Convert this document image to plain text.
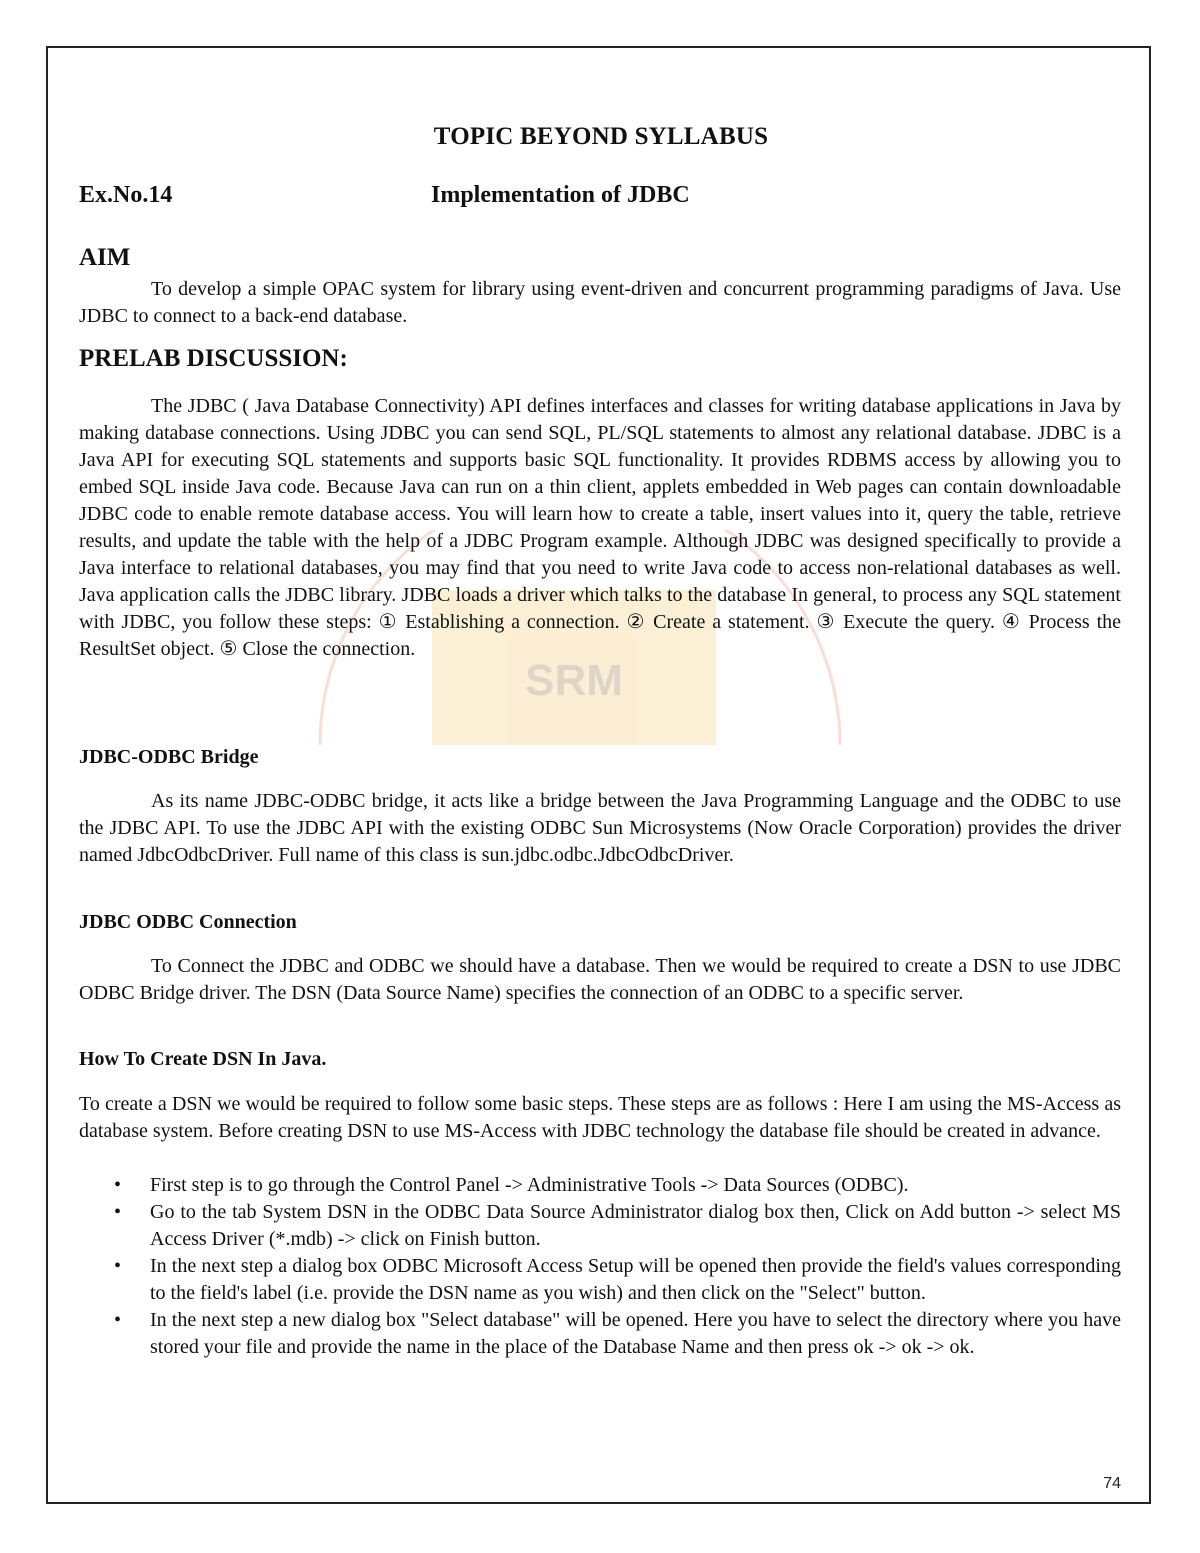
SRM
TOPIC BEYOND SYLLABUS
Ex.No.14	Implementation of JDBC
AIM

To develop a simple OPAC system for library using event-driven and concurrent programming paradigms of Java. Use JDBC to connect to a back-end database.

PRELAB DISCUSSION:

The JDBC ( Java Database Connectivity) API defines interfaces and classes for writing database applications in Java by making database connections. Using JDBC you can send SQL, PL/SQL statements to almost any relational database. JDBC is a Java API for executing SQL statements and supports basic SQL functionality. It provides RDBMS access by allowing you to embed SQL inside Java code. Because Java can run on a thin client, applets embedded in Web pages can contain downloadable JDBC code to enable remote database access. You will learn how to create a table, insert values into it, query the table, retrieve results, and update the table with the help of a JDBC Program example. Although JDBC was designed specifically to provide a Java interface to relational databases, you may find that you need to write Java code to access non-relational databases as well. Java application calls the JDBC library. JDBC loads a driver which talks to the database In general, to process any SQL statement with JDBC, you follow these steps: ① Establishing a connection. ② Create a statement. ③ Execute the query. ④ Process the ResultSet object. ⑤ Close the connection.

JDBC-ODBC Bridge

As its name JDBC-ODBC bridge, it acts like a bridge between the Java Programming Language and the ODBC to use the JDBC API. To use the JDBC API with the existing ODBC Sun Microsystems (Now Oracle Corporation) provides the driver named JdbcOdbcDriver. Full name of this class is sun.jdbc.odbc.JdbcOdbcDriver.

JDBC ODBC Connection

To Connect the JDBC and ODBC we should have a database. Then we would be required to create a DSN to use JDBC ODBC Bridge driver. The DSN (Data Source Name) specifies the connection of an ODBC to a specific server.

How To Create DSN In Java.

To create a DSN we would be required to follow some basic steps. These steps are as follows : Here I am using the MS-Access as database system. Before creating DSN to use MS-Access with JDBC technology the database file should be created in advance.

• First step is to go through the Control Panel -> Administrative Tools -> Data Sources (ODBC).
• Go to the tab System DSN in the ODBC Data Source Administrator dialog box then, Click on Add button -> select MS Access Driver (*.mdb) -> click on Finish button.
• In the next step a dialog box ODBC Microsoft Access Setup will be opened then provide the field's values corresponding to the field's label (i.e. provide the DSN name as you wish) and then click on the "Select" button.
• In the next step a new dialog box "Select database" will be opened. Here you have to select the directory where you have stored your file and provide the name in the place of the Database Name and then press ok -> ok -> ok.
74
